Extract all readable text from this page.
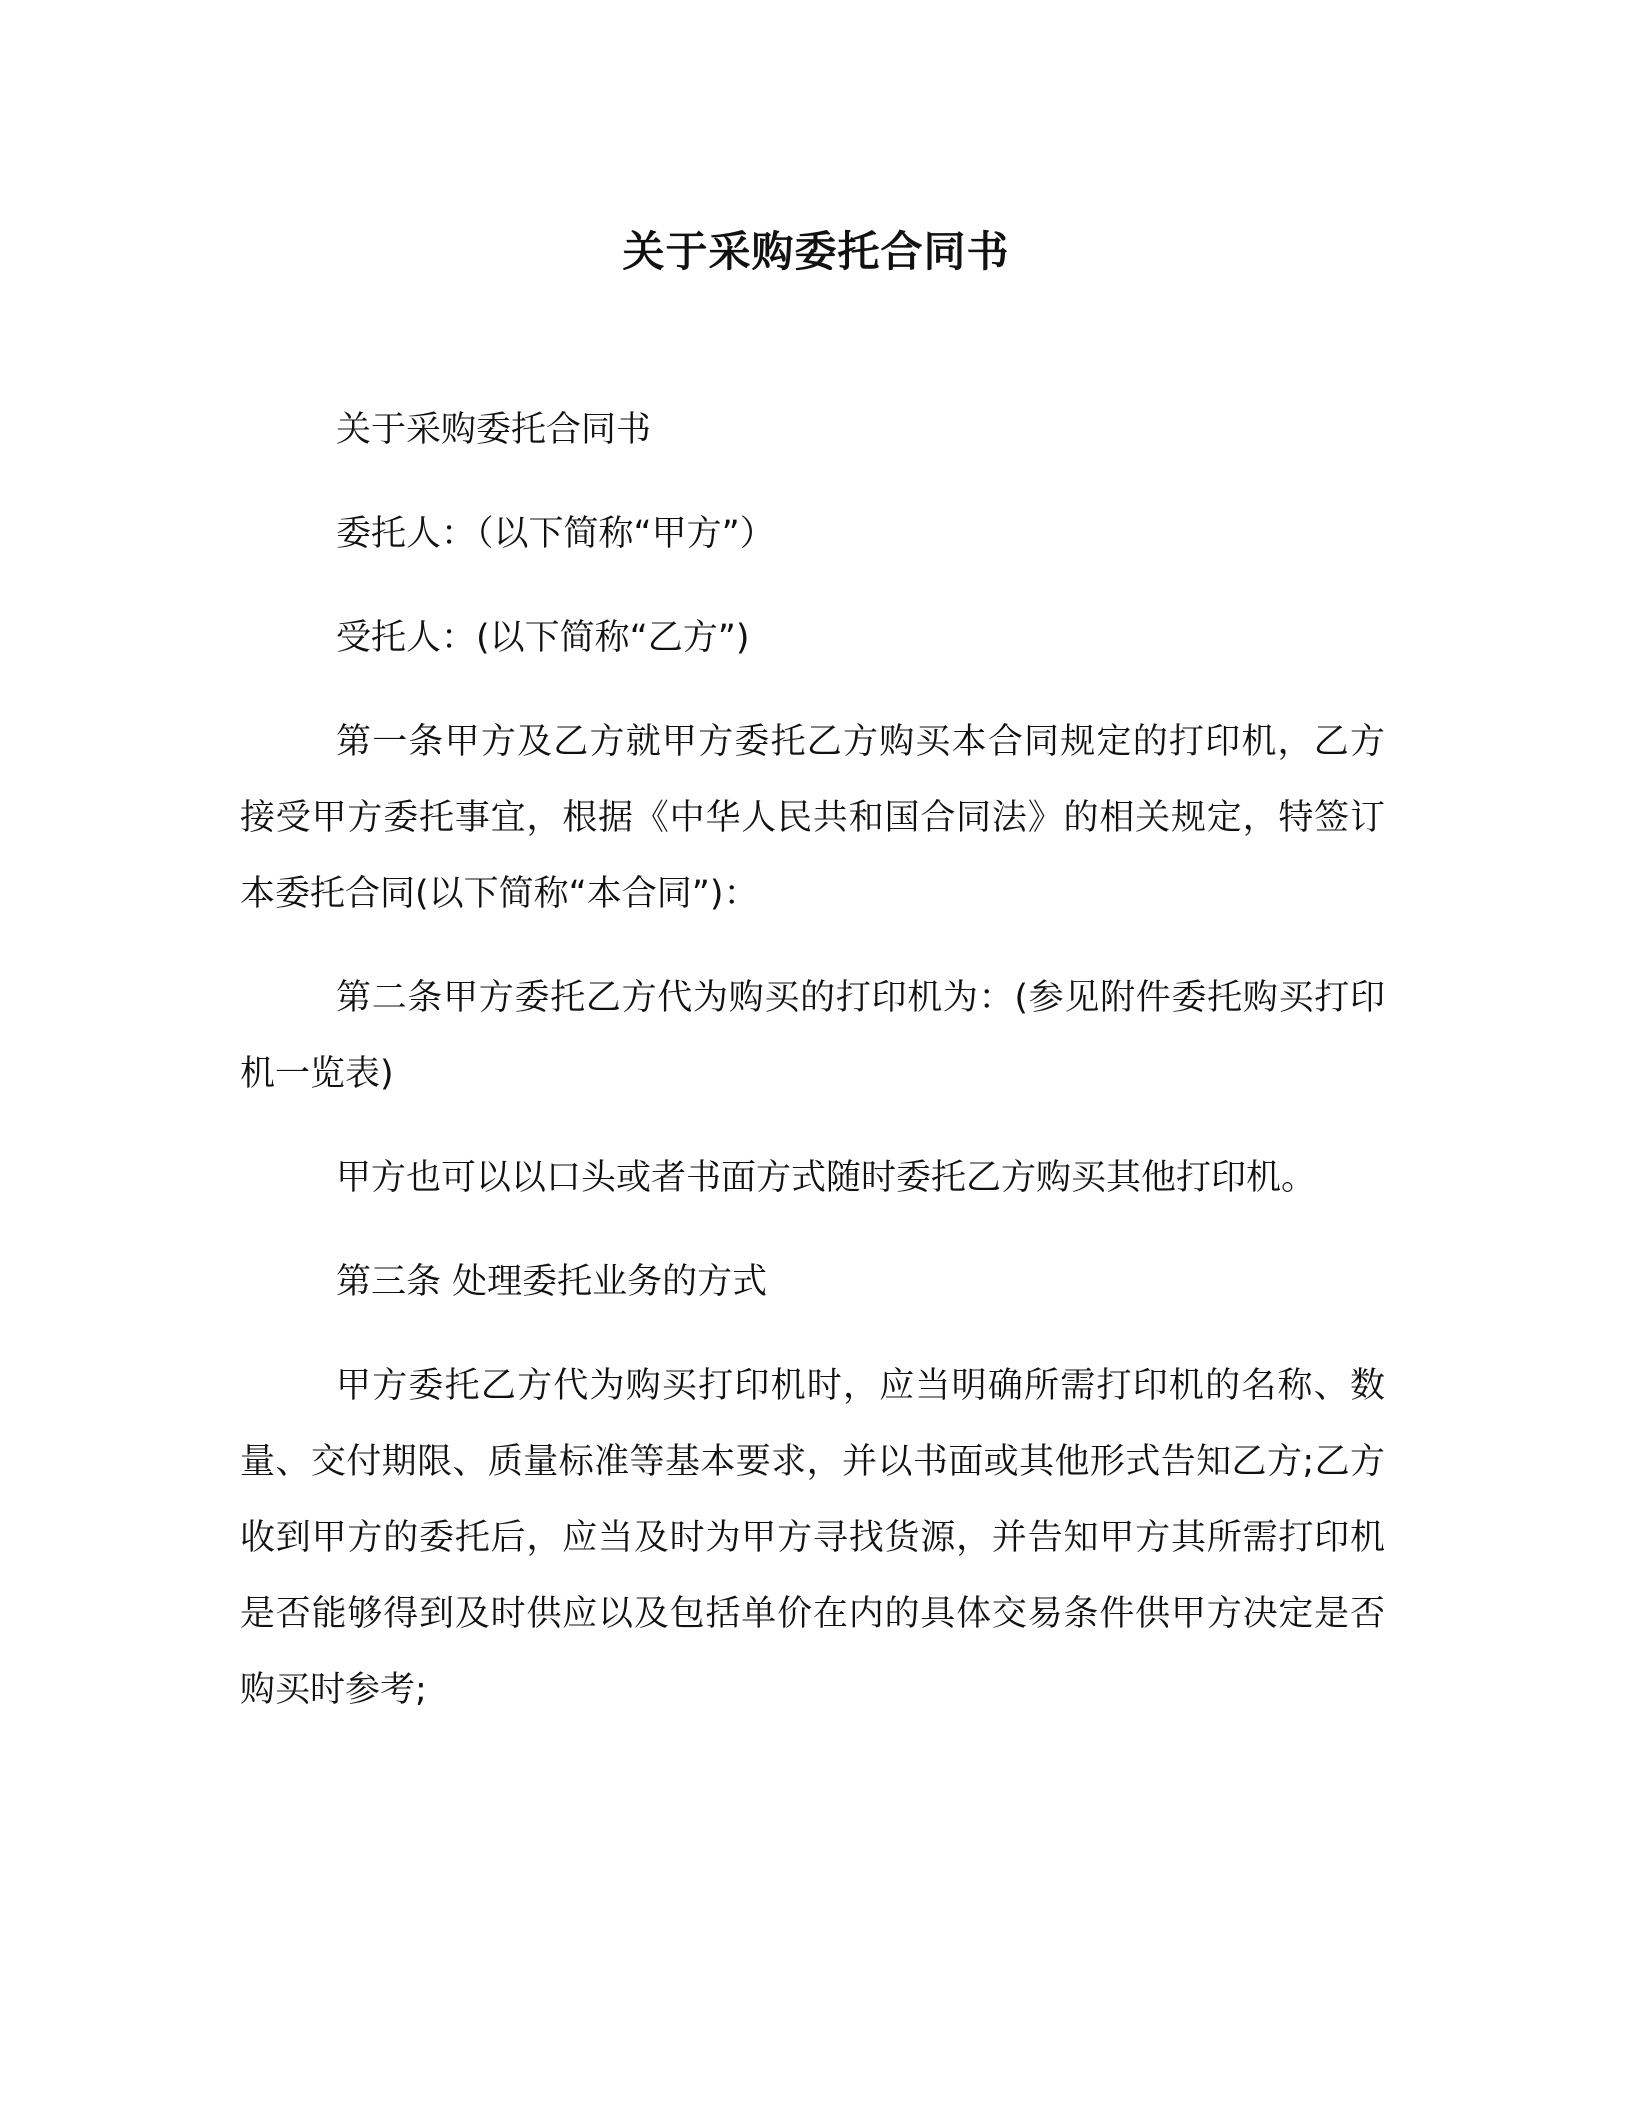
关于采购委托合同书

关于采购委托合同书

委托人：（以下简称“甲方”）

受托人：(以下简称“乙方”)

第一条甲方及乙方就甲方委托乙方购买本合同规定的打印机，乙方接受甲方委托事宜，根据《中华人民共和国合同法》的相关规定，特签订本委托合同(以下简称“本合同”)：

第二条甲方委托乙方代为购买的打印机为：(参见附件委托购买打印机一览表)

甲方也可以以口头或者书面方式随时委托乙方购买其他打印机。

第三条 处理委托业务的方式

甲方委托乙方代为购买打印机时，应当明确所需打印机的名称、数量、交付期限、质量标准等基本要求，并以书面或其他形式告知乙方;乙方收到甲方的委托后，应当及时为甲方寻找货源，并告知甲方其所需打印机是否能够得到及时供应以及包括单价在内的具体交易条件供甲方决定是否购买时参考;
